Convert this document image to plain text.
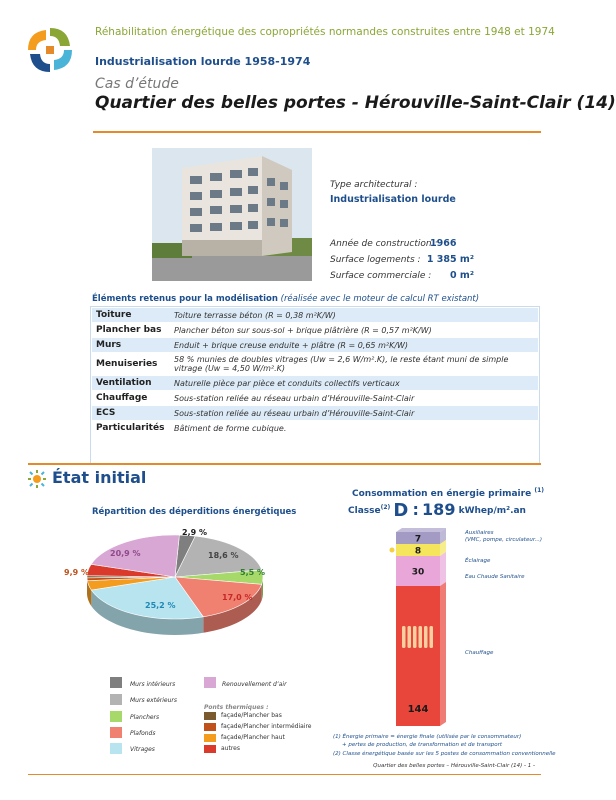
Réhabilitation énergétique des copropriétés normandes construites entre 1948 et 1974
Industrialisation lourde 1958-1974
Cas d’étude
Quartier des belles portes - Hérouville-Saint-Clair (14)
Type architectural :
Industrialisation lourde
Année de construction :
1966
Surface logements : 1 385 m²
Surface commerciale :	0 m²
Éléments retenus pour la modélisation (réalisée avec le moteur de calcul RT existant)
Toiture	Toiture terrasse béton (R = 0,38 m²K/W)
Plancher bas	Plancher béton sur sous-sol + brique plâtrière (R = 0,57 m²K/W)
Murs	Enduit + brique creuse enduite + plâtre (R = 0,65 m²K/W)
Menuiseries	58 % munies de doubles vitrages (Uw = 2,6 W/m².K), le reste étant muni de simple vitrage (Uw = 4,50 W/m².K)
Ventilation	Naturelle pièce par pièce et conduits collectifs verticaux
Chauffage	Sous-station reliée au réseau urbain d’Hérouville-Saint-Clair
ECS	Sous-station reliée au réseau urbain d’Hérouville-Saint-Clair
Particularités	Bâtiment de forme cubique.
État initial
Répartition des déperditions énergétiques
2,9 %
18,6 %
5,5 %
17,0 %
25,2 %
20,9 %
9,9 %
Consommation en énergie primaire $^{(1)}$
Classe$^{(2)}$ D : 189 kWhep/m².an
7
8
30
144
Auxiliaires
(VMC, pompe, circulateur...)
Éclairage
Eau Chaude Sanitaire
Chauffage
Murs intérieurs
Murs extérieurs
Planchers
Plafonds
Vitrages
Renouvellement d’air
Ponts thermiques :
façade/Plancher bas
façade/Plancher intermédiaire
façade/Plancher haut
autres
(1) Énergie primaire = énergie finale (utilisée par le consommateur)
+ pertes de production, de transformation et de transport
(2) Classe énergétique basée sur les 5 postes de consommation conventionnelle
Quartier des belles portes – Hérouville-Saint-Clair (14) - 1 -
